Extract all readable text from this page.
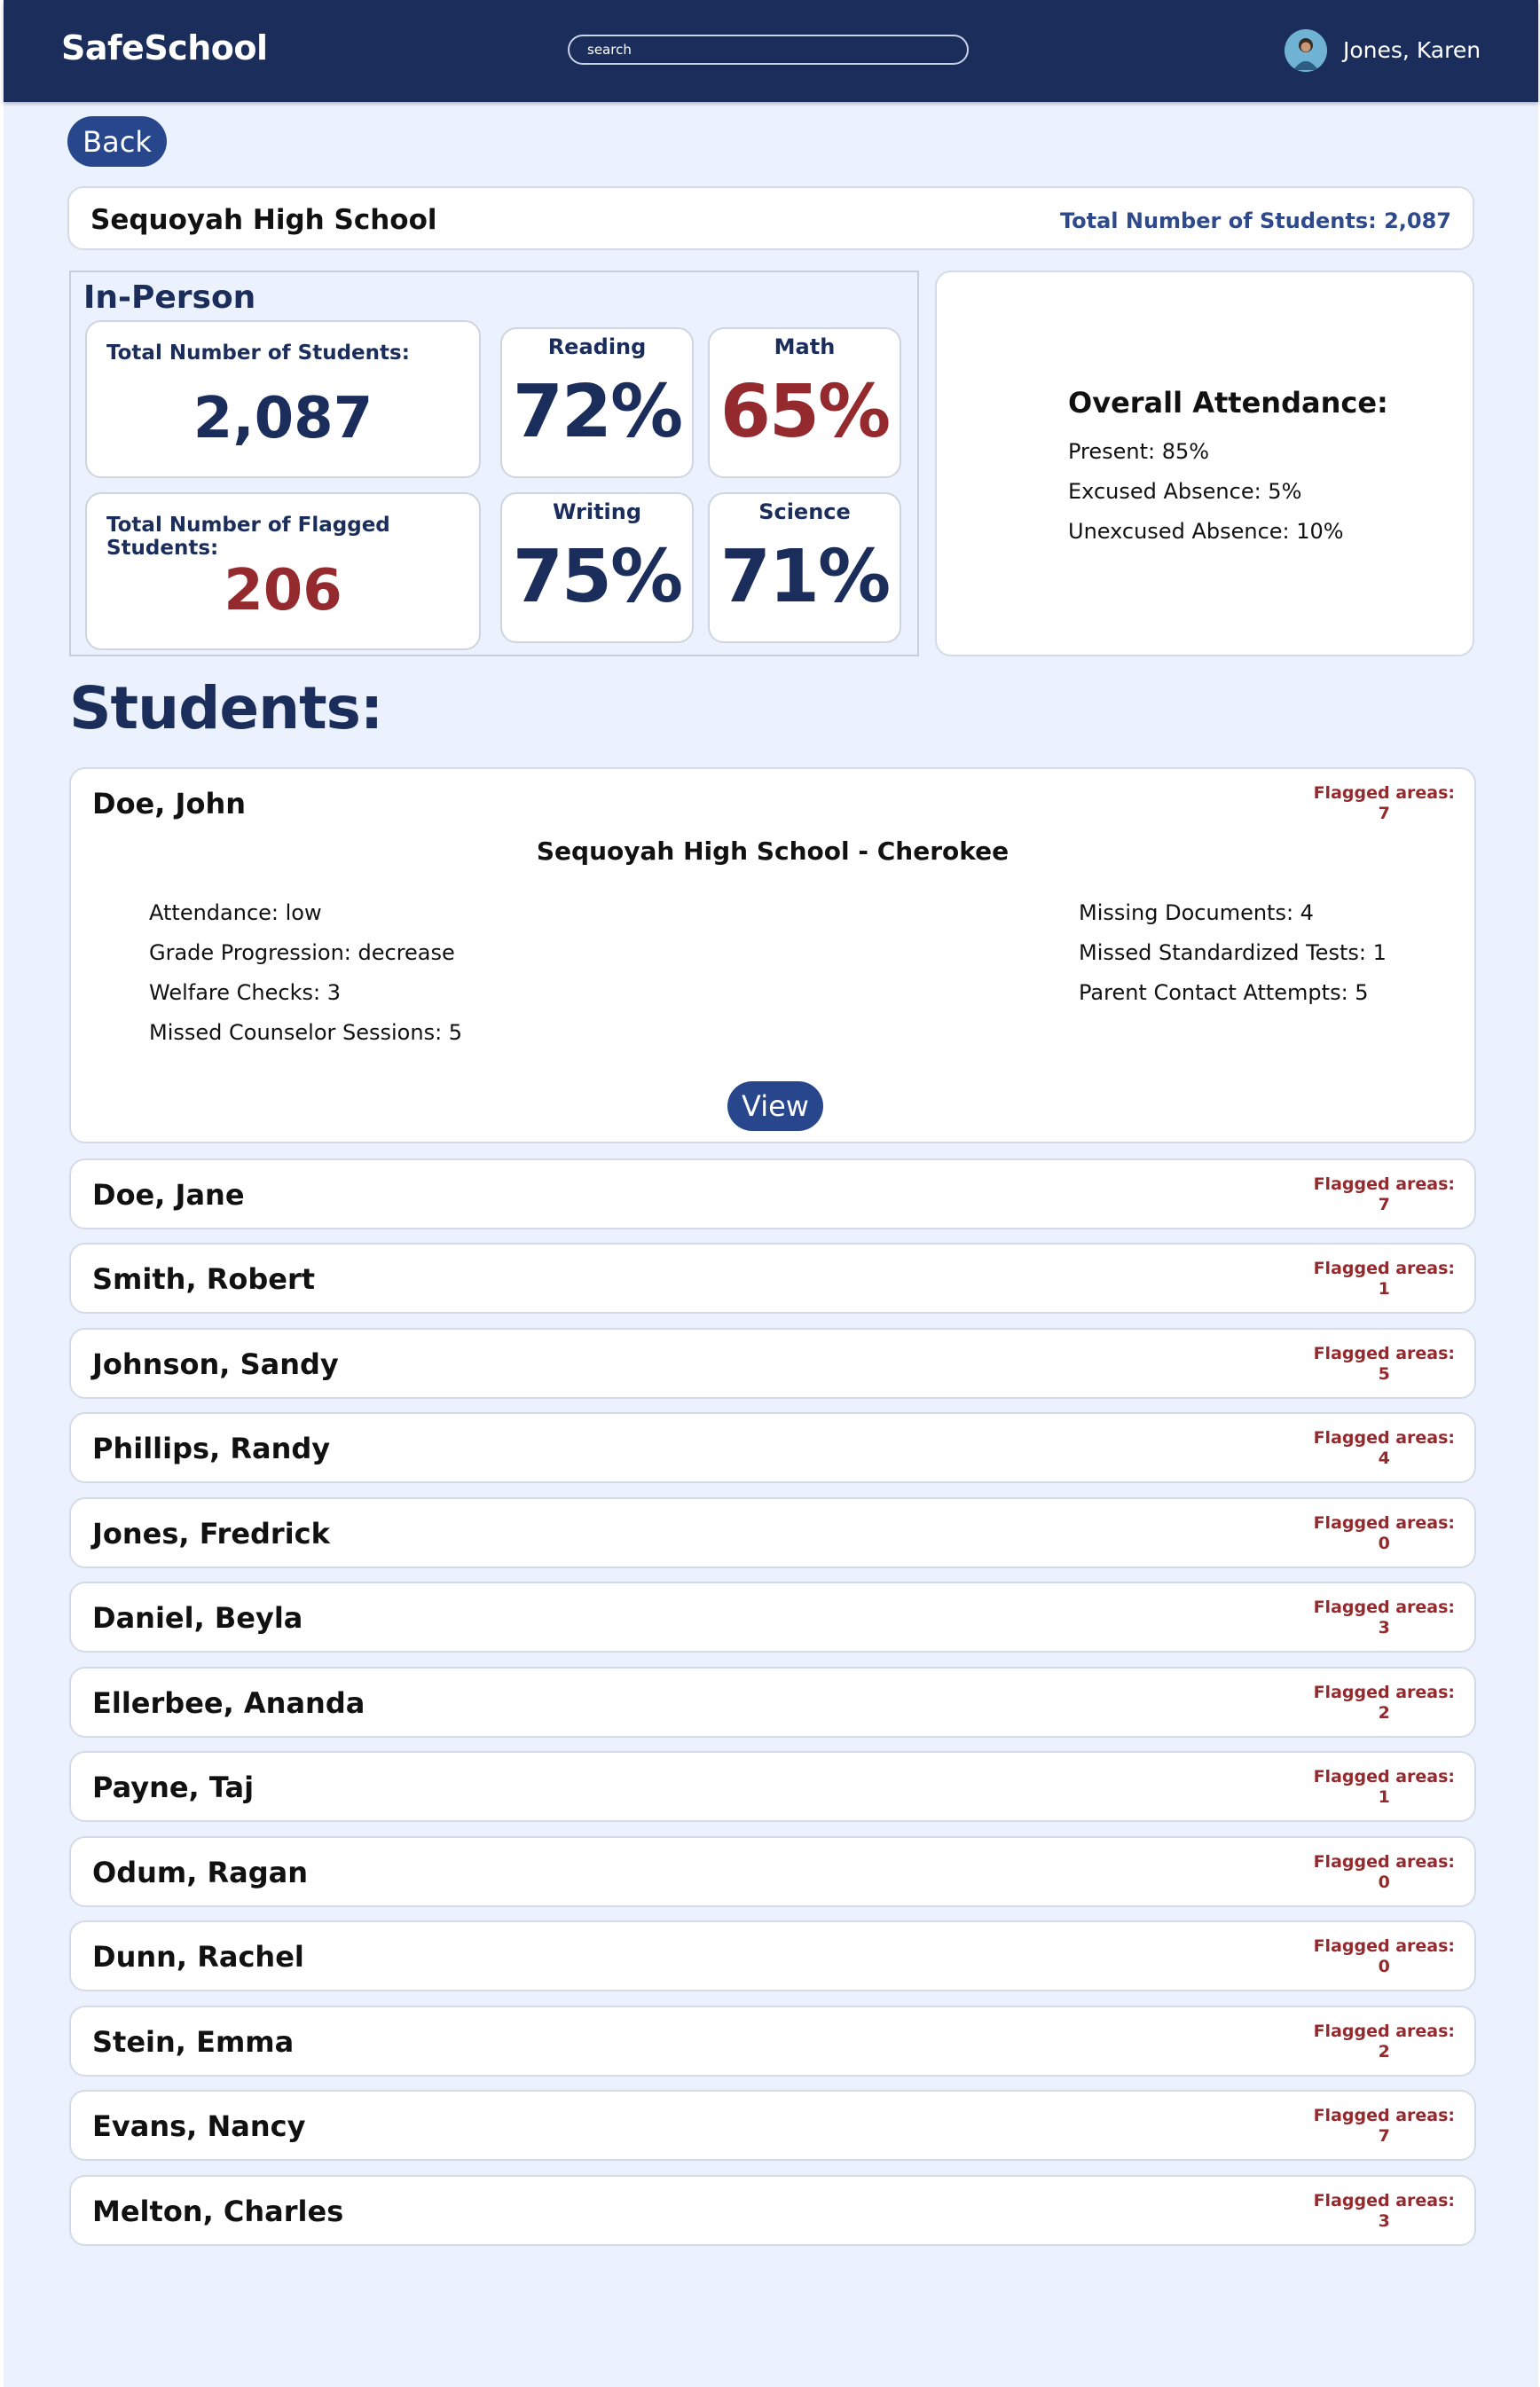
SafeSchool
search	Jones, Karen
Back
Sequoyah High School	Total Number of Students: 2,087
In-Person
Total Number of Students:
2,087
Total Number of Flagged Students:
206
Reading
72%
Math
65%
Writing
75%
Science
71%
Overall Attendance:
Present: 85%
Excused Absence: 5%
Unexcused Absence: 10%
Students:
Doe, John	Flagged areas:
7
Sequoyah High School - Cherokee
Attendance: low
Grade Progression: decrease
Welfare Checks: 3
Missed Counselor Sessions: 5
Missing Documents: 4
Missed Standardized Tests: 1
Parent Contact Attempts: 5
View
Doe, Jane	Flagged areas:
7
Smith, Robert	Flagged areas:
1
Johnson, Sandy	Flagged areas:
5
Phillips, Randy	Flagged areas:
4
Jones, Fredrick	Flagged areas:
0
Daniel, Beyla	Flagged areas:
3
Ellerbee, Ananda	Flagged areas:
2
Payne, Taj	Flagged areas:
1
Odum, Ragan	Flagged areas:
0
Dunn, Rachel	Flagged areas:
0
Stein, Emma	Flagged areas:
2
Evans, Nancy	Flagged areas:
7
Melton, Charles	Flagged areas:
3
